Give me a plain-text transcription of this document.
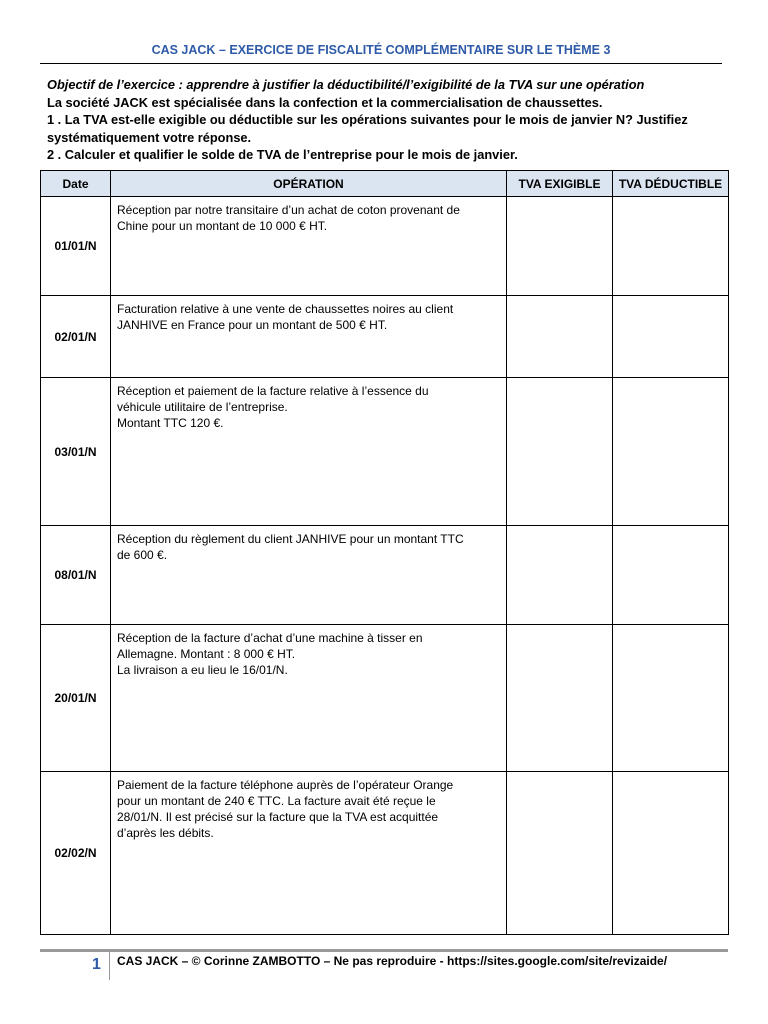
CAS JACK – EXERCICE DE FISCALITÉ COMPLÉMENTAIRE SUR LE THÈME 3

Objectif de l’exercice : apprendre à justifier la déductibilité/l’exigibilité de la TVA sur une opération

La société JACK est spécialisée dans la confection et la commercialisation de chaussettes.

1 . La TVA est-elle exigible ou déductible sur les opérations suivantes pour le mois de janvier N? Justifiez systématiquement votre réponse.

2 . Calculer et qualifier le solde de TVA de l’entreprise pour le mois de janvier.

Date	OPÉRATION	TVA EXIGIBLE	TVA DÉDUCTIBLE
01/01/N	Réception par notre transitaire d’un achat de coton provenant de
Chine pour un montant de 10 000 € HT.		

02/01/N	Facturation relative à une vente de chaussettes noires au client
JANHIVE en France pour un montant de 500 € HT.		

03/01/N	Réception et paiement de la facture relative à l’essence du
véhicule utilitaire de l’entreprise.
Montant TTC 120 €.		

08/01/N	Réception du règlement du client JANHIVE pour un montant TTC
de 600 €.		

20/01/N	Réception de la facture d’achat d’une machine à tisser en
Allemagne. Montant : 8 000 € HT.
La livraison a eu lieu le 16/01/N.		

02/02/N	Paiement de la facture téléphone auprès de l’opérateur Orange
pour un montant de 240 € TTC. La facture avait été reçue le
28/01/N. Il est précisé sur la facture que la TVA est acquittée
d’après les débits.		

1 CAS JACK – © Corinne ZAMBOTTO – Ne pas reproduire - https://sites.google.com/site/revizaide/
